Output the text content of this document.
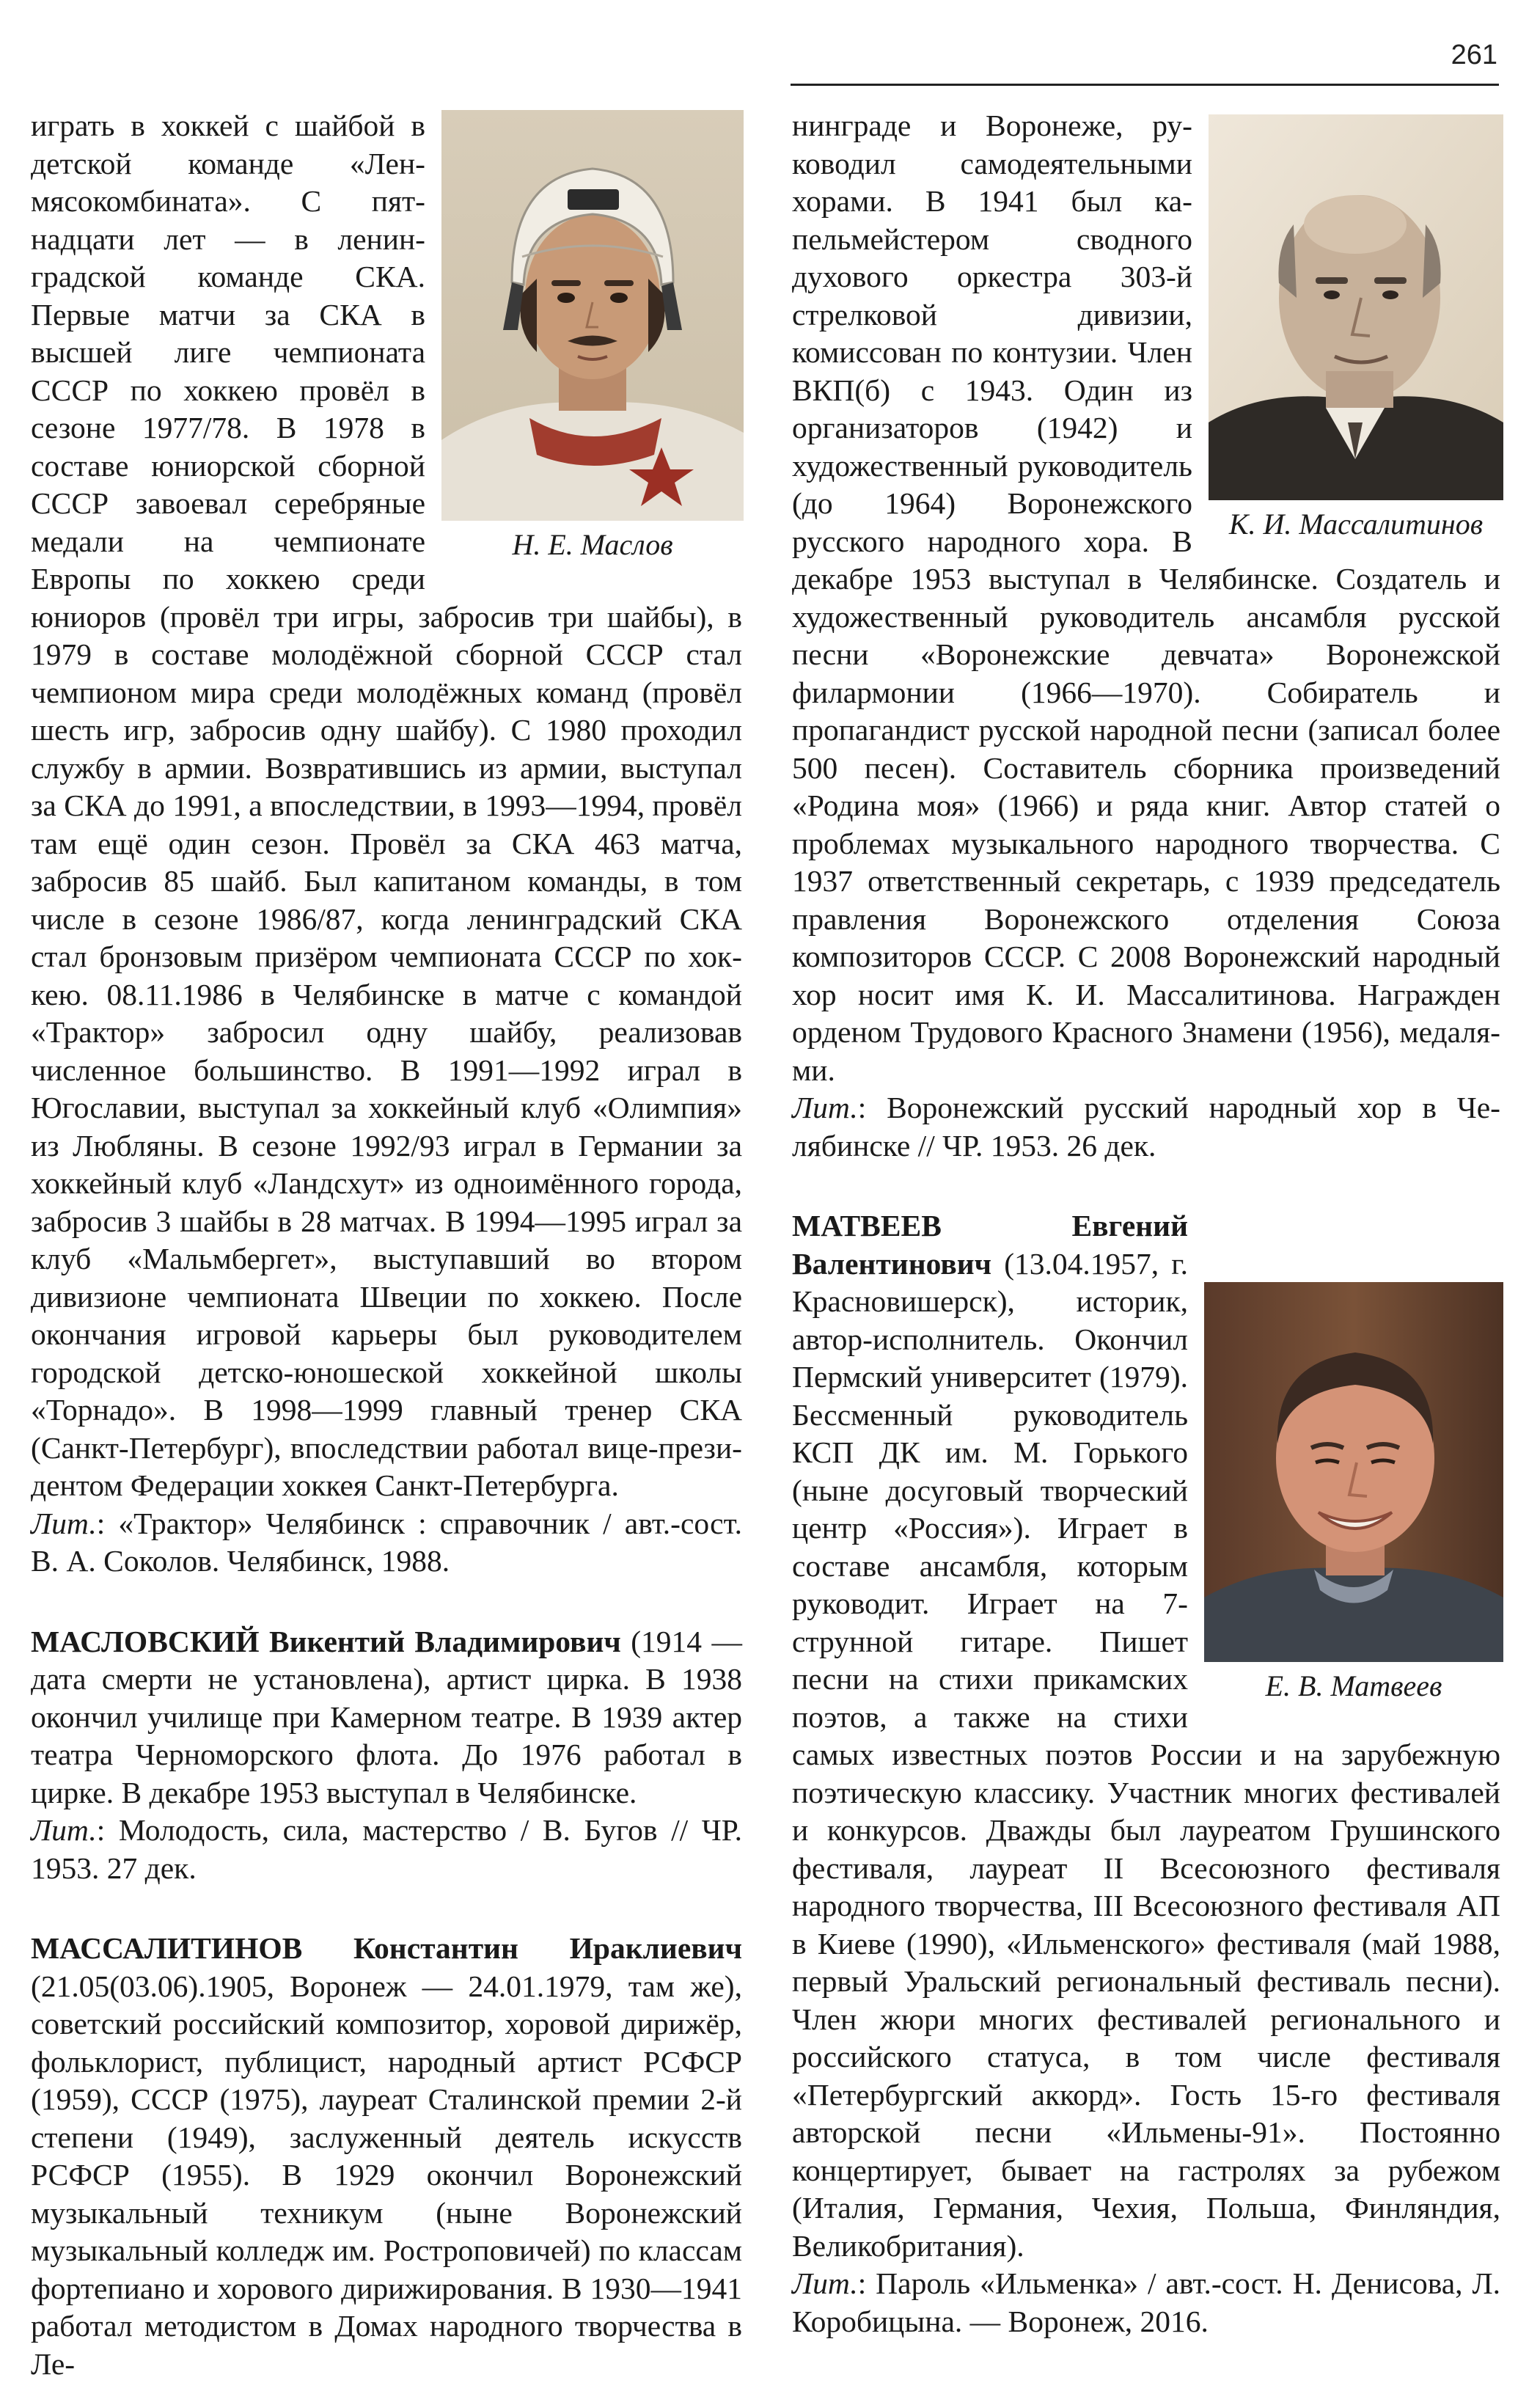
261
Н. Е. Маслов

играть в хоккей с шайбой в детской команде «Ленмясокомбината». С пятнадцати лет — в ленинградской команде СКА. Первые матчи за СКА в высшей лиге чемпионата СССР по хоккею провёл в сезоне 1977/78. В 1978 в составе юниорской сборной СССР завоевал серебряные медали на чемпионате Европы по хоккею среди юниоров (провёл три игры, забросив три шайбы), в 1979 в составе молодёжной сборной СССР стал чемпионом мира среди молодёжных команд (провёл шесть игр, забросив одну шайбу). С 1980 проходил службу в армии. Возвратившись из армии, выступал за СКА до 1991, а впоследствии, в 1993—1994, провёл там ещё один сезон. Провёл за СКА 463 матча, забросив 85 шайб. Был капитаном команды, в том числе в сезоне 1986/87, когда ленинградский СКА стал бронзовым призёром чемпионата СССР по хоккею. 08.11.1986 в Челябинске в матче с командой «Трактор» забросил одну шайбу, реализовав численное большинство. В 1991—1992 играл в Югославии, выступал за хоккейный клуб «Олимпия» из Любляны. В сезоне 1992/93 играл в Германии за хоккейный клуб «Ландсхут» из одноимённого города, забросив 3 шайбы в 28 матчах. В 1994—1995 играл за клуб «Мальмбергет», выступавший во втором дивизионе чемпионата Швеции по хоккею. После окончания игровой карьеры был руководителем городской детско-юношеской хоккейной школы «Торнадо». В 1998—1999 главный тренер СКА (Санкт-Петербург), впоследствии работал вице-президентом Федерации хоккея Санкт-Петербурга.

Лит.: «Трактор» Челябинск : справочник / авт.-сост. В. А. Соколов. Челябинск, 1988.

МАСЛОВСКИЙ Викентий Владимирович (1914 — дата смерти не установлена), артист цирка. В 1938 окончил училище при Камерном театре. В 1939 актер театра Черноморского флота. До 1976 работал в цирке. В декабре 1953 выступал в Челябинске.

Лит.: Молодость, сила, мастерство / В. Бугов // ЧР. 1953. 27 дек.

МАССАЛИТИНОВ Константин Ираклиевич (21.05(03.06).1905, Воронеж — 24.01.1979, там же), советский российский композитор, хоровой дирижёр, фольклорист, публицист, народный артист РСФСР (1959), СССР (1975), лауреат Сталинской премии 2-й степени (1949), заслуженный деятель искусств РСФСР (1955). В 1929 окончил Воронежский музыкальный техникум (ныне Воронежский музыкальный колледж им. Ростроповичей) по классам фортепиано и хорового дирижирования. В 1930—1941 работал методистом в Домах народного творчества в Ле-

К. И. Массалитинов

нинграде и Воронеже, руководил самодеятельными хорами. В 1941 был капельмейстером сводного духового оркестра 303-й стрелковой дивизии, комиссован по контузии. Член ВКП(б) с 1943. Один из организаторов (1942) и художественный руководитель (до 1964) Воронежского русского народного хора. В декабре 1953 выступал в Челябинске. Создатель и художественный руководитель ансамбля русской песни «Воронежские девчата» Воронежской филармонии (1966—1970). Собиратель и пропагандист русской народной песни (записал более 500 песен). Составитель сборника произведений «Родина моя» (1966) и ряда книг. Автор статей о проблемах музыкального народного творчества. С 1937 ответственный секретарь, с 1939 председатель правления Воронежского отделения Союза композиторов СССР. С 2008 Воронежский народный хор носит имя К. И. Массалитинова. Награжден орденом Трудового Красного Знамени (1956), медалями.

Лит.: Воронежский русский народный хор в Челябинске // ЧР. 1953. 26 дек.

Е. В. Матвеев

МАТВЕЕВ Евгений Валентинович (13.04.1957, г. Красновишерск), историк, автор-исполнитель. Окончил Пермский университет (1979). Бессменный руководитель КСП ДК им. М. Горького (ныне досуговый творческий центр «Россия»). Играет в составе ансамбля, которым руководит. Играет на 7-струнной гитаре. Пишет песни на стихи прикамских поэтов, а также на стихи самых известных поэтов России и на зарубежную поэтическую классику. Участник многих фестивалей и конкурсов. Дважды был лауреатом Грушинского фестиваля, лауреат II Всесоюзного фестиваля народного творчества, III Всесоюзного фестиваля АП в Киеве (1990), «Ильменского» фестиваля (май 1988, первый Уральский региональный фестиваль песни). Член жюри многих фестивалей регионального и российского статуса, в том числе фестиваля «Петербургский аккорд». Гость 15-го фестиваля авторской песни «Ильмены-91». Постоянно концертирует, бывает на гастролях за рубежом (Италия, Германия, Чехия, Польша, Финляндия, Великобритания).

Лит.: Пароль «Ильменка» / авт.-сост. Н. Денисова, Л. Коробицына. — Воронеж, 2016.
